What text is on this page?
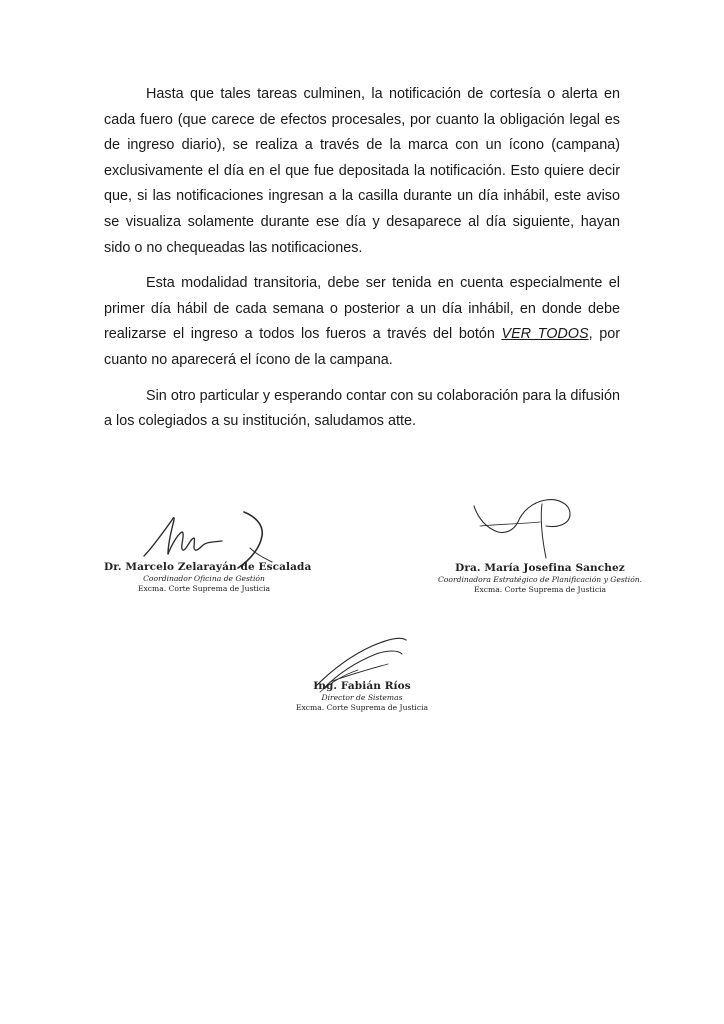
Hasta que tales tareas culminen, la notificación de cortesía o alerta en cada fuero (que carece de efectos procesales, por cuanto la obligación legal es de ingreso diario), se realiza a través de la marca con un ícono (campana) exclusivamente el día en el que fue depositada la notificación. Esto quiere decir que, si las notificaciones ingresan a la casilla durante un día inhábil, este aviso se visualiza solamente durante ese día y desaparece al día siguiente, hayan sido o no chequeadas las notificaciones.

Esta modalidad transitoria, debe ser tenida en cuenta especialmente el primer día hábil de cada semana o posterior a un día inhábil, en donde debe realizarse el ingreso a todos los fueros a través del botón VER TODOS, por cuanto no aparecerá el ícono de la campana.

Sin otro particular y esperando contar con su colaboración para la difusión a los colegiados a su institución, saludamos atte.

Dr. Marcelo Zelarayán de Escalada
Coordinador Oficina de Gestión
Excma. Corte Suprema de Justicia
Dra. María Josefina Sanchez
Coordinadora Estratégico de Planificación y Gestión.
Excma. Corte Suprema de Justicia
Ing. Fabián Ríos
Director de Sistemas
Excma. Corte Suprema de Justicia
